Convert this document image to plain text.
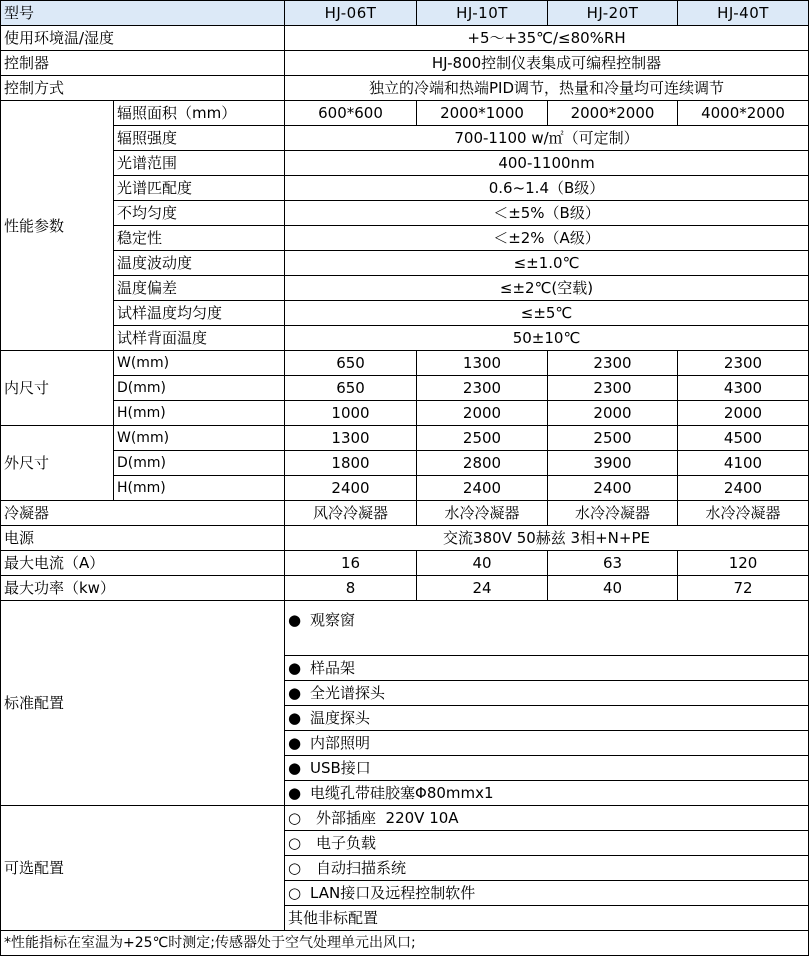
型号		HJ-06T	HJ-10T	HJ-20T	HJ-40T
使用环境温/湿度		+5～+35℃/≤80%RH			
控制器		HJ-800控制仪表集成可编程控制器			
控制方式		独立的冷端和热端PID调节，热量和冷量均可连续调节			
性能参数	辐照面积（mm）	600*600	2000*1000	2000*2000	4000*2000
	辐照强度	700-1100 w/㎡（可定制）			
	光谱范围	400-1100nm			
	光谱匹配度	0.6~1.4（B级）			
	不均匀度	＜±5%（B级）			
	稳定性	＜±2%（A级）			
	温度波动度	≤±1.0℃			
	温度偏差	≤±2℃(空载)			
	试样温度均匀度	≤±5℃			
	试样背面温度	50±10℃			
内尺寸	W(mm)	650	1300	2300	2300
	D(mm)	650	2300	2300	4300
	H(mm)	1000	2000	2000	2000
外尺寸	W(mm)	1300	2500	2500	4500
	D(mm)	1800	2800	3900	4100
	H(mm)	2400	2400	2400	2400
冷凝器		风冷冷凝器	水冷冷凝器	水冷冷凝器	水冷冷凝器
电源		交流380V 50赫兹 3相+N+PE			
最大电流（A）		16	40	63	120
最大功率（kw）		8	24	40	72
标准配置		● 观察窗			
		● 样品架			
		● 全光谱探头			
		● 温度探头			
		● 内部照明			
		● USB接口			
		● 电缆孔带硅胶塞Φ80mmx1			
可选配置		○ 外部插座  220V 10A			
		○ 电子负载			
		○ 自动扫描系统			
		○ LAN接口及远程控制软件			
		其他非标配置			
*性能指标在室温为+25℃时测定;传感器处于空气处理单元出风口;					
